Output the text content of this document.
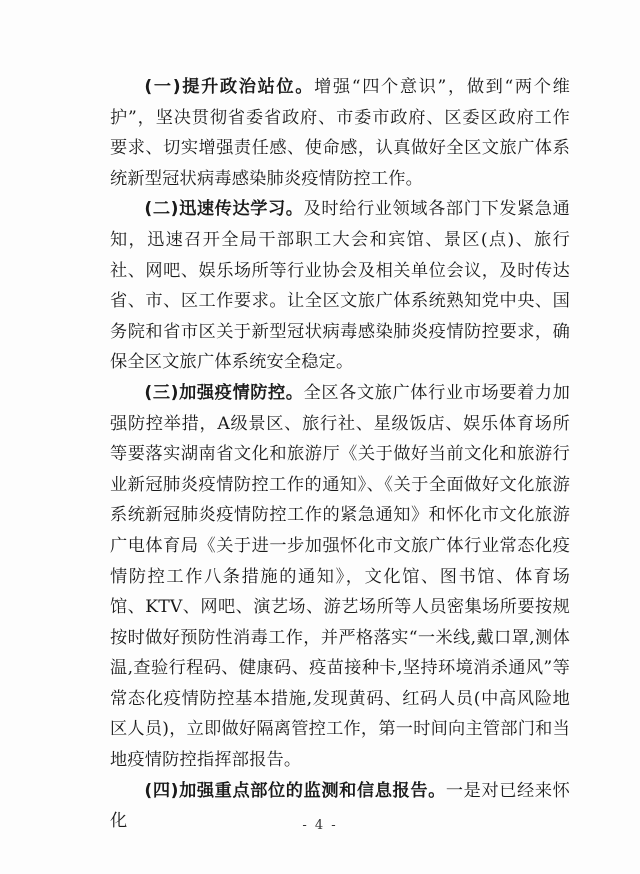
(一)提升政治站位。增强“四个意识”，做到“两个维护”，坚决贯彻省委省政府、市委市政府、区委区政府工作要求、切实增强责任感、使命感，认真做好全区文旅广体系统新型冠状病毒感染肺炎疫情防控工作。

(二)迅速传达学习。及时给行业领域各部门下发紧急通知，迅速召开全局干部职工大会和宾馆、景区(点)、旅行社、网吧、娱乐场所等行业协会及相关单位会议，及时传达省、市、区工作要求。让全区文旅广体系统熟知党中央、国务院和省市区关于新型冠状病毒感染肺炎疫情防控要求，确保全区文旅广体系统安全稳定。

(三)加强疫情防控。全区各文旅广体行业市场要着力加强防控举措，A级景区、旅行社、星级饭店、娱乐体育场所等要落实湖南省文化和旅游厅《关于做好当前文化和旅游行业新冠肺炎疫情防控工作的通知》、《关于全面做好文化旅游系统新冠肺炎疫情防控工作的紧急通知》和怀化市文化旅游广电体育局《关于进一步加强怀化市文旅广体行业常态化疫情防控工作八条措施的通知》，文化馆、图书馆、体育场馆、KTV、网吧、演艺场、游艺场所等人员密集场所要按规按时做好预防性消毒工作，并严格落实“一米线,戴口罩,测体温,查验行程码、健康码、疫苗接种卡,坚持环境消杀通风”等常态化疫情防控基本措施,发现黄码、红码人员(中高风险地区人员)，立即做好隔离管控工作，第一时间向主管部门和当地疫情防控指挥部报告。

(四)加强重点部位的监测和信息报告。一是对已经来怀化	- 4 -
